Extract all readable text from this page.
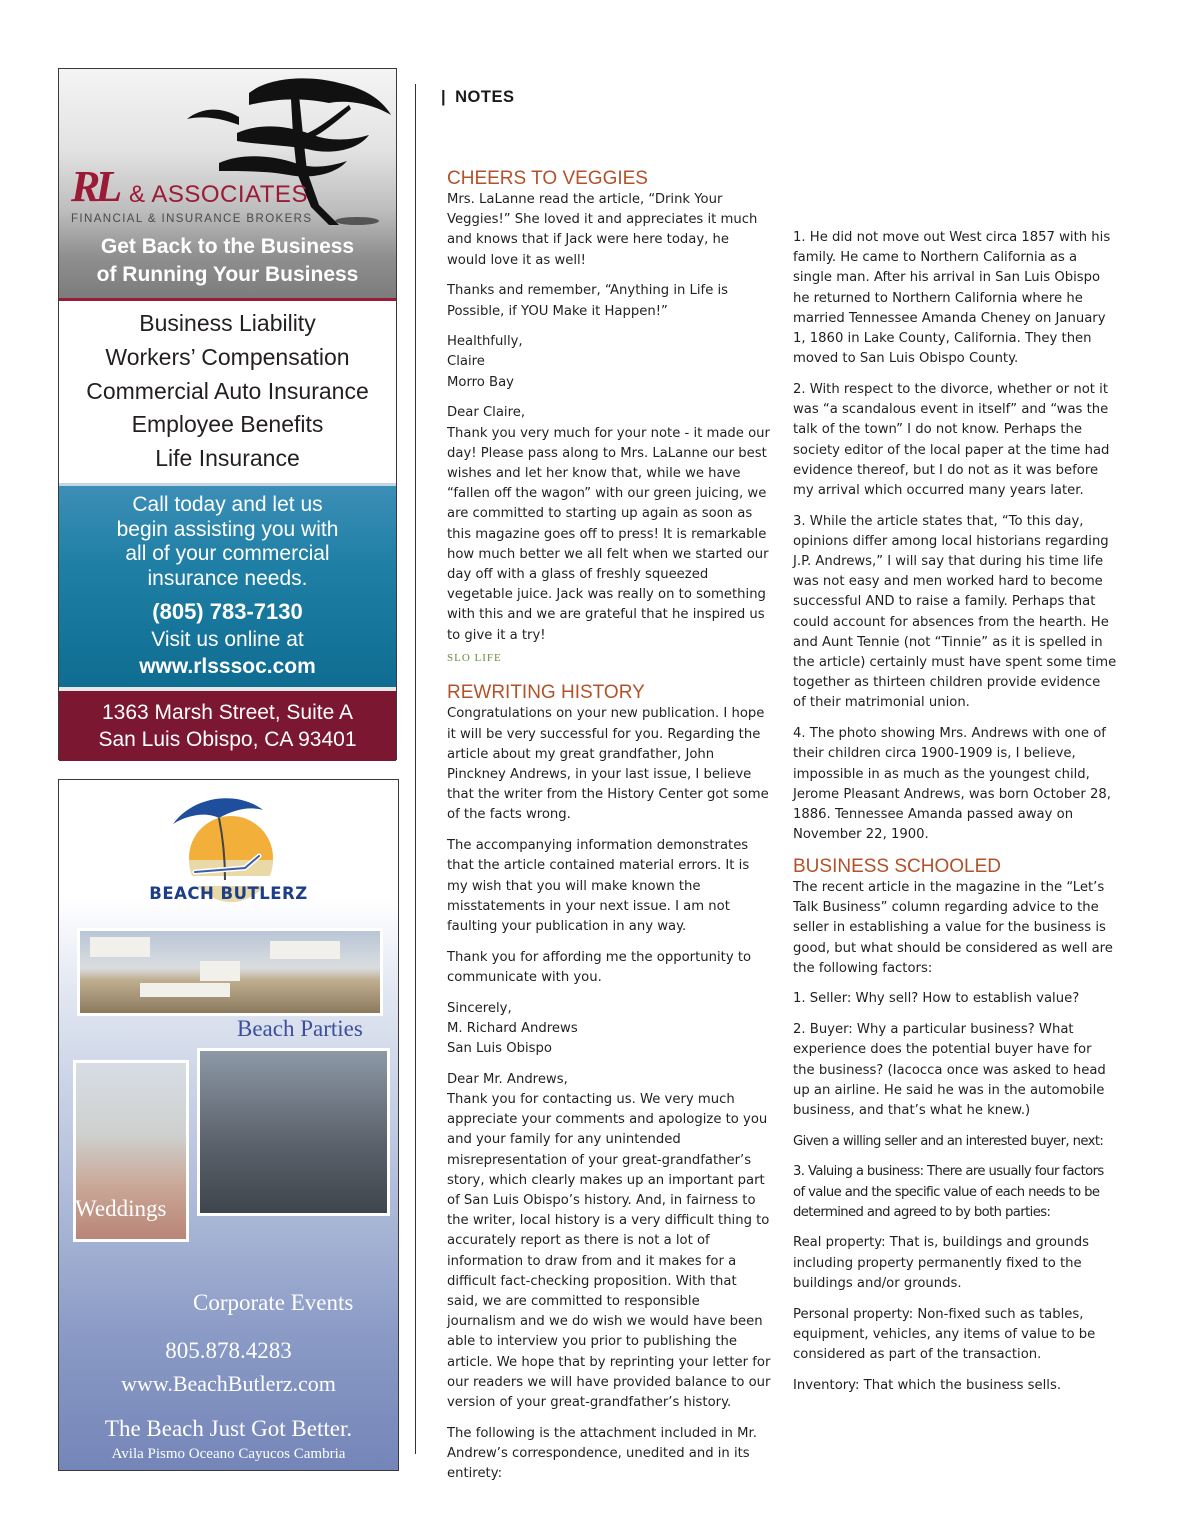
RL & ASSOCIATES
FINANCIAL & INSURANCE BROKERS
Get Back to the Business
of Running Your Business
Business Liability
Workers’ Compensation
Commercial Auto Insurance
Employee Benefits
Life Insurance
Call today and let us
begin assisting you with
all of your commercial
insurance needs.
(805) 783-7130
Visit us online at
www.rlsssoc.com
1363 Marsh Street, Suite A
San Luis Obispo, CA 93401
BEACH BUTLERZ
Beach Parties
Weddings
Corporate Events
805.878.4283
www.BeachButlerz.com
The Beach Just Got Better.
Avila Pismo Oceano Cayucos Cambria
| NOTES
CHEERS TO VEGGIES

Mrs. LaLanne read the article, “Drink Your Veggies!” She loved it and appreciates it much and knows that if Jack were here today, he would love it as well!

Thanks and remember, “Anything in Life is Possible, if YOU Make it Happen!”

Healthfully,
Claire
Morro Bay

Dear Claire,
Thank you very much for your note - it made our day! Please pass along to Mrs. LaLanne our best wishes and let her know that, while we have “fallen off the wagon” with our green juicing, we are committed to starting up again as soon as this magazine goes off to press! It is remarkable how much better we all felt when we started our day off with a glass of freshly squeezed vegetable juice. Jack was really on to something with this and we are grateful that he inspired us to give it a try!

SLO LIFE
REWRITING HISTORY

Congratulations on your new publication. I hope it will be very successful for you. Regarding the article about my great grandfather, John Pinckney Andrews, in your last issue, I believe that the writer from the History Center got some of the facts wrong.

The accompanying information demonstrates that the article contained material errors. It is my wish that you will make known the misstatements in your next issue. I am not faulting your publication in any way.

Thank you for affording me the opportunity to communicate with you.

Sincerely,
M. Richard Andrews
San Luis Obispo

Dear Mr. Andrews,
Thank you for contacting us. We very much appreciate your comments and apologize to you and your family for any unintended misrepresentation of your great-grandfather’s story, which clearly makes up an important part of San Luis Obispo’s history. And, in fairness to the writer, local history is a very difficult thing to accurately report as there is not a lot of information to draw from and it makes for a difficult fact-checking proposition. With that said, we are committed to responsible journalism and we do wish we would have been able to interview you prior to publishing the article. We hope that by reprinting your letter for our readers we will have provided balance to our version of your great-grandfather’s history.

The following is the attachment included in Mr. Andrew’s correspondence, unedited and in its entirety:

1. He did not move out West circa 1857 with his family. He came to Northern California as a single man. After his arrival in San Luis Obispo he returned to Northern California where he married Tennessee Amanda Cheney on January 1, 1860 in Lake County, California. They then moved to San Luis Obispo County.

2. With respect to the divorce, whether or not it was “a scandalous event in itself” and “was the talk of the town” I do not know. Perhaps the society editor of the local paper at the time had evidence thereof, but I do not as it was before my arrival which occurred many years later.

3. While the article states that, “To this day, opinions differ among local historians regarding J.P. Andrews,” I will say that during his time life was not easy and men worked hard to become successful AND to raise a family. Perhaps that could account for absences from the hearth. He and Aunt Tennie (not “Tinnie” as it is spelled in the article) certainly must have spent some time together as thirteen children provide evidence of their matrimonial union.

4. The photo showing Mrs. Andrews with one of their children circa 1900-1909 is, I believe, impossible in as much as the youngest child, Jerome Pleasant Andrews, was born October 28, 1886. Tennessee Amanda passed away on November 22, 1900.

BUSINESS SCHOOLED

The recent article in the magazine in the “Let’s Talk Business” column regarding advice to the seller in establishing a value for the business is good, but what should be considered as well are the following factors:

1. Seller: Why sell? How to establish value?

2. Buyer: Why a particular business? What experience does the potential buyer have for the business? (Iacocca once was asked to head up an airline. He said he was in the automobile business, and that’s what he knew.)

Given a willing seller and an interested buyer, next:

3. Valuing a business: There are usually four factors of value and the specific value of each needs to be determined and agreed to by both parties:

Real property: That is, buildings and grounds including property permanently fixed to the buildings and/or grounds.

Personal property: Non-fixed such as tables, equipment, vehicles, any items of value to be considered as part of the transaction.

Inventory: That which the business sells.
